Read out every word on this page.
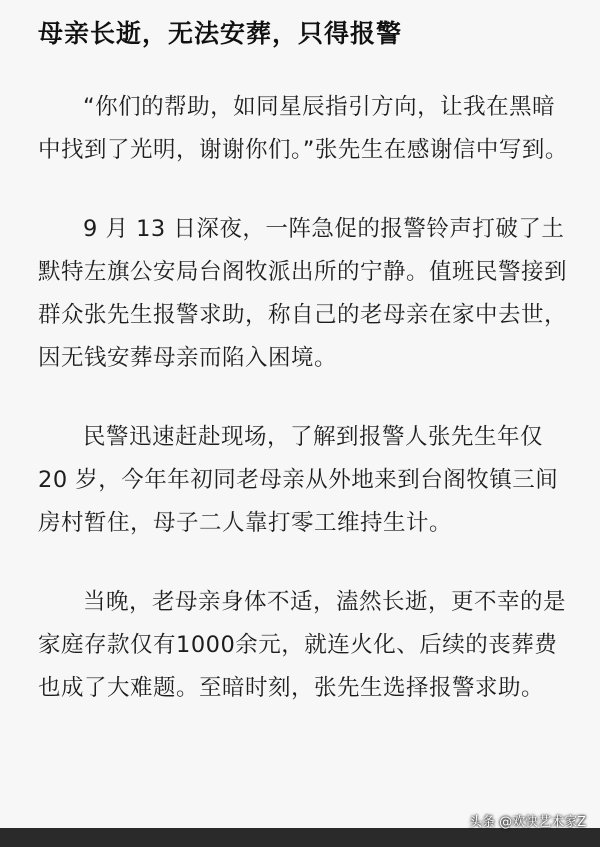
母亲长逝，无法安葬，只得报警

“你们的帮助，如同星辰指引方向，让我在黑暗中找到了光明，谢谢你们。”张先生在感谢信中写到。

9 月 13 日深夜，一阵急促的报警铃声打破了土默特左旗公安局台阁牧派出所的宁静。值班民警接到群众张先生报警求助，称自己的老母亲在家中去世，因无钱安葬母亲而陷入困境。

民警迅速赶赴现场，了解到报警人张先生年仅 20 岁，今年年初同老母亲从外地来到台阁牧镇三间房村暂住，母子二人靠打零工维持生计。

当晚，老母亲身体不适，溘然长逝，更不幸的是家庭存款仅有1000余元，就连火化、后续的丧葬费也成了大难题。至暗时刻，张先生选择报警求助。

头条 @欢快艺术家Z
